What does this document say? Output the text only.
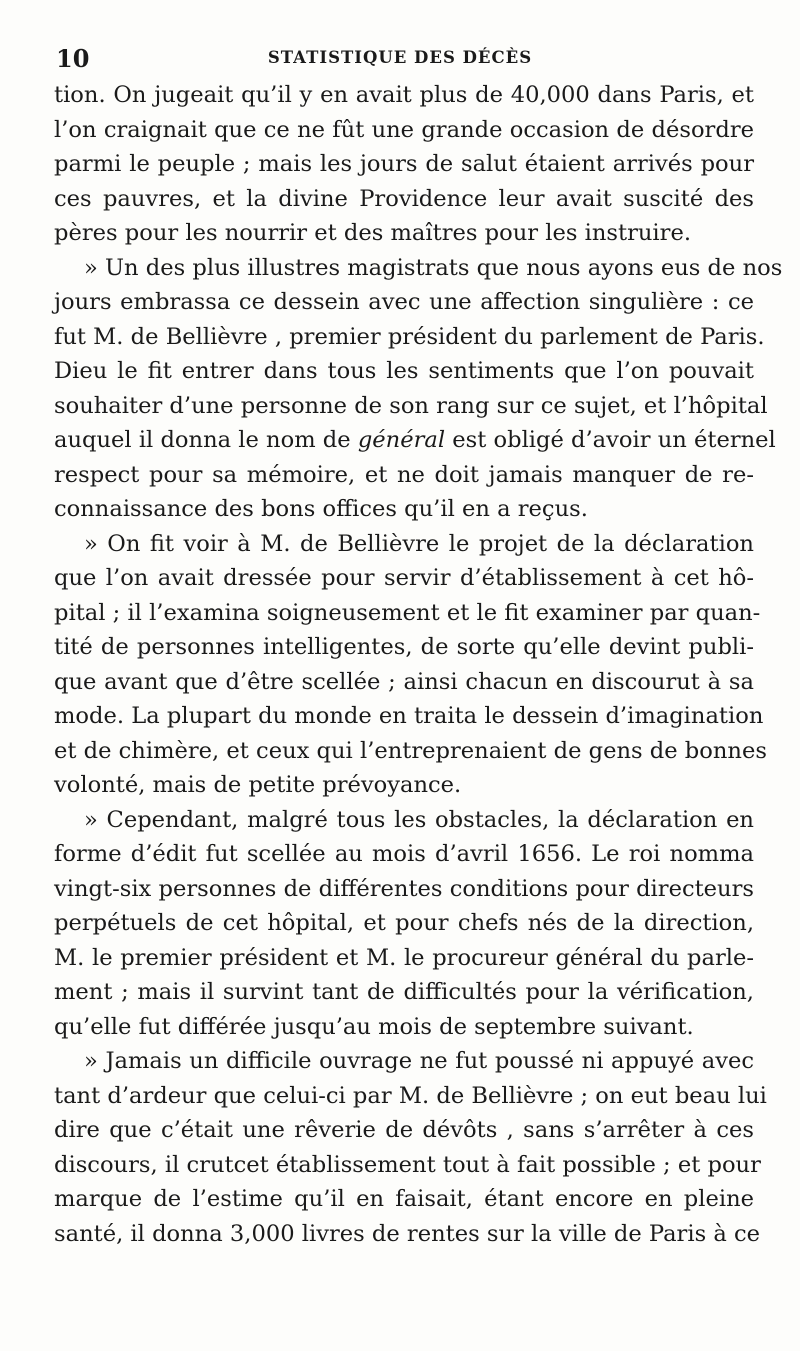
10	STATISTIQUE DES DÉCÈS
tion. On jugeait qu’il y en avait plus de 40,000 dans Paris, et
l’on craignait que ce ne fût une grande occasion de désordre
parmi le peuple ; mais les jours de salut étaient arrivés pour
ces pauvres, et la divine Providence leur avait suscité des
pères pour les nourrir et des maîtres pour les instruire.
» Un des plus illustres magistrats que nous ayons eus de nos
jours embrassa ce dessein avec une affection singulière : ce
fut M. de Bellièvre , premier président du parlement de Paris.
Dieu le fit entrer dans tous les sentiments que l’on pouvait
souhaiter d’une personne de son rang sur ce sujet, et l’hôpital
auquel il donna le nom de général est obligé d’avoir un éternel
respect pour sa mémoire, et ne doit jamais manquer de re-
connaissance des bons offices qu’il en a reçus.
» On fit voir à M. de Bellièvre le projet de la déclaration
que l’on avait dressée pour servir d’établissement à cet hô-
pital ; il l’examina soigneusement et le fit examiner par quan-
tité de personnes intelligentes, de sorte qu’elle devint publi-
que avant que d’être scellée ; ainsi chacun en discourut à sa
mode. La plupart du monde en traita le dessein d’imagination
et de chimère, et ceux qui l’entreprenaient de gens de bonnes
volonté, mais de petite prévoyance.
» Cependant, malgré tous les obstacles, la déclaration en
forme d’édit fut scellée au mois d’avril 1656. Le roi nomma
vingt-six personnes de différentes conditions pour directeurs
perpétuels de cet hôpital, et pour chefs nés de la direction,
M. le premier président et M. le procureur général du parle-
ment ; mais il survint tant de difficultés pour la vérification,
qu’elle fut différée jusqu’au mois de septembre suivant.
» Jamais un difficile ouvrage ne fut poussé ni appuyé avec
tant d’ardeur que celui-ci par M. de Bellièvre ; on eut beau lui
dire que c’était une rêverie de dévôts , sans s’arrêter à ces
discours, il crutcet établissement tout à fait possible ; et pour
marque de l’estime qu’il en faisait, étant encore en pleine
santé, il donna 3,000 livres de rentes sur la ville de Paris à ce
